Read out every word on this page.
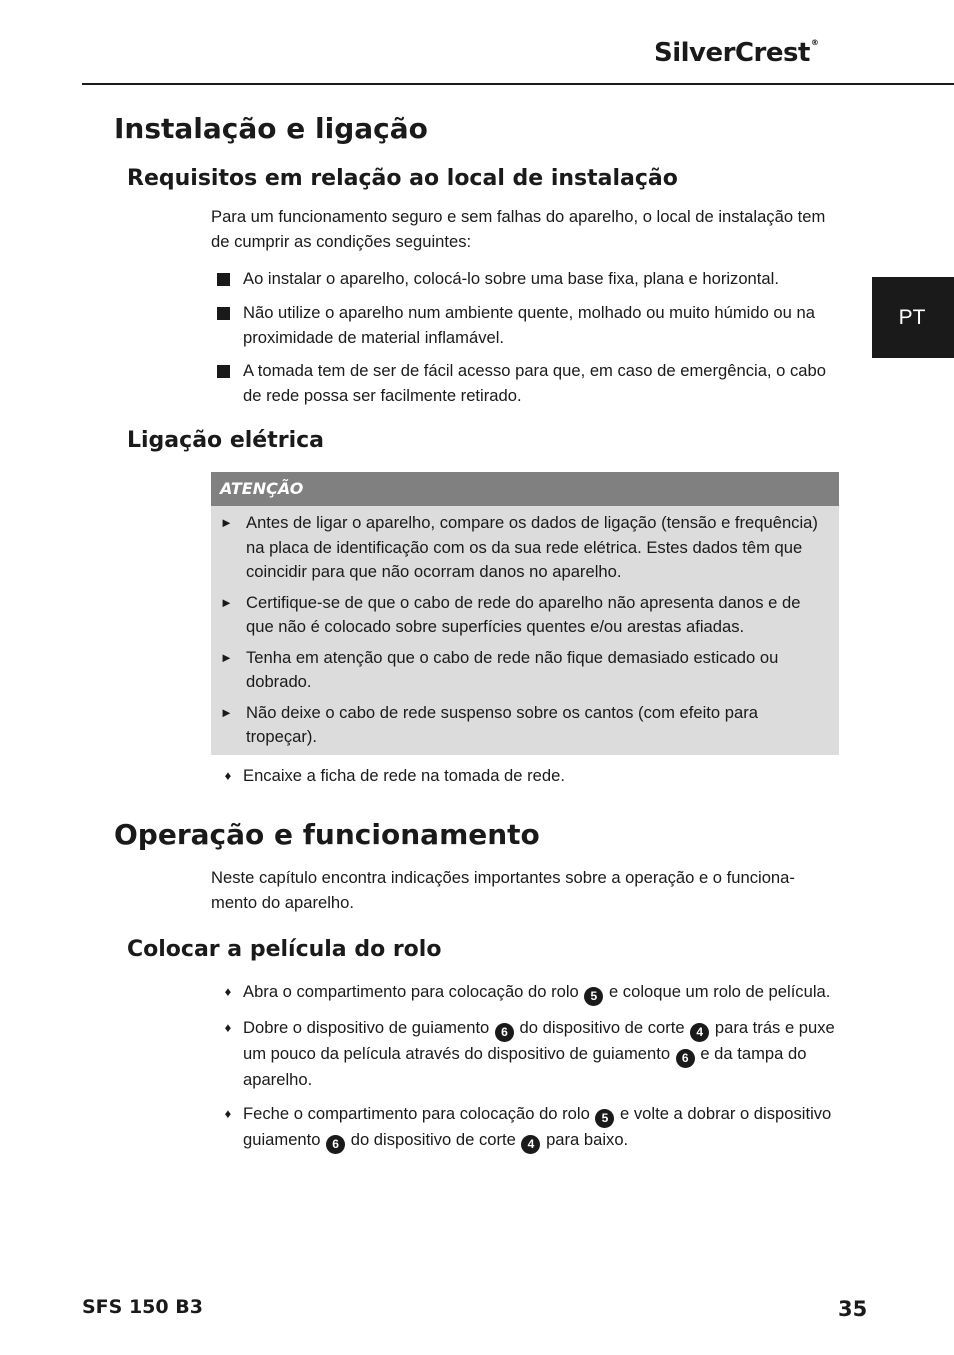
SilverCrest®
PT
Instalação e ligação
Requisitos em relação ao local de instalação

Para um funcionamento seguro e sem falhas do aparelho, o local de instalação tem de cumprir as condições seguintes:

Ao instalar o aparelho, colocá-lo sobre uma base fixa, plana e horizontal.
Não utilize o aparelho num ambiente quente, molhado ou muito húmido ou na proximidade de material inflamável.
A tomada tem de ser de fácil acesso para que, em caso de emergência, o cabo de rede possa ser facilmente retirado.
Ligação elétrica
ATENÇÃO
► Antes de ligar o aparelho, compare os dados de ligação (tensão e frequência) na placa de identificação com os da sua rede elétrica. Estes dados têm que coincidir para que não ocorram danos no aparelho.
► Certifique-se de que o cabo de rede do aparelho não apresenta danos e de que não é colocado sobre superfícies quentes e/ou arestas afiadas.
► Tenha em atenção que o cabo de rede não fique demasiado esticado ou dobrado.
► Não deixe o cabo de rede suspenso sobre os cantos (com efeito para tropeçar).
♦ Encaixe a ficha de rede na tomada de rede.
Operação e funcionamento

Neste capítulo encontra indicações importantes sobre a operação e o funciona-mento do aparelho.

Colocar a película do rolo
♦ Abra o compartimento para colocação do rolo 5 e coloque um rolo de película.
♦ Dobre o dispositivo de guiamento 6 do dispositivo de corte 4 para trás e puxe um pouco da película através do dispositivo de guiamento 6 e da tampa do aparelho.
♦ Feche o compartimento para colocação do rolo 5 e volte a dobrar o dispositivo guiamento 6 do dispositivo de corte 4 para baixo.
SFS 150 B3	35
